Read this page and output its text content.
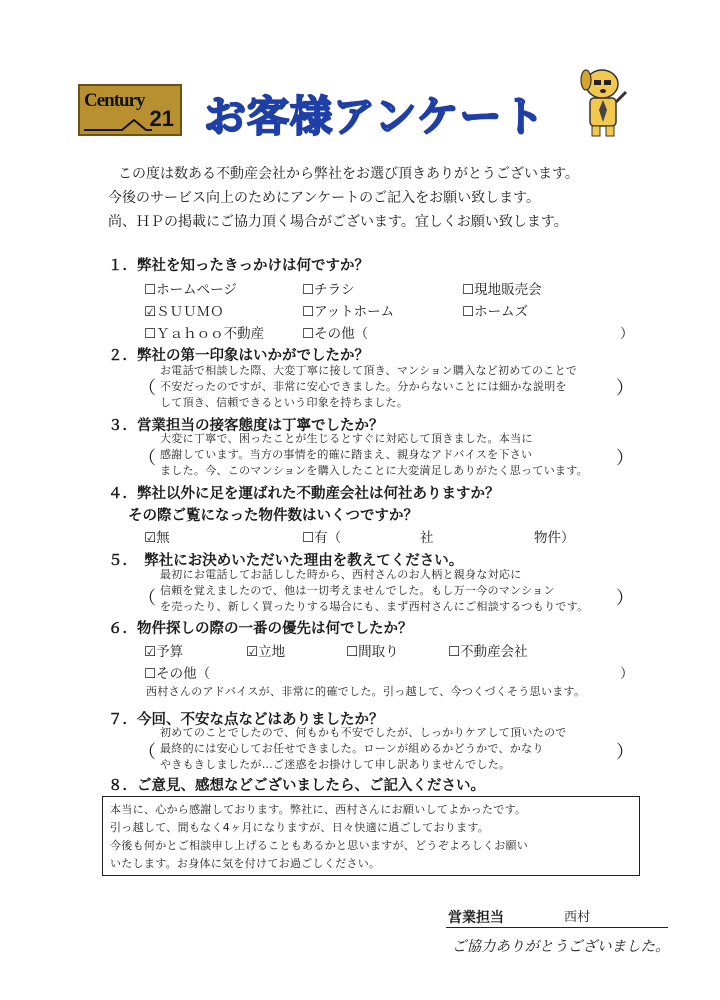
Century
21 お客様アンケート
この度は数ある不動産会社から弊社をお選び頂きありがとうございます。
今後のサービス向上のためにアンケートのご記入をお願い致します。
尚、ＨＰの掲載にご協力頂く場合がございます。宜しくお願い致します。
１．弊社を知ったきっかけは何ですか？
☐ホームページ	☐チラシ	☐現地販売会
☑ＳＵＵＭＯ	☐アットホーム	☐ホームズ
☐Ｙａｈｏｏ不動産	☐その他（	）
２．弊社の第一印象はいかがでしたか？
（	）
お電話で相談した際、大変丁寧に接して頂き、マンション購入など初めてのことで
不安だったのですが、非常に安心できました。分からないことには細かな説明を
して頂き、信頼できるという印象を持ちました。
３．営業担当の接客態度は丁寧でしたか？
（	）
大変に丁寧で、困ったことが生じるとすぐに対応して頂きました。本当に
感謝しています。当方の事情を的確に踏まえ、親身なアドバイスを下さい
ました。今、このマンションを購入したことに大変満足しありがたく思っています。
４．弊社以外に足を運ばれた不動産会社は何社ありますか？
その際ご覧になった物件数はいくつですか？
☑無	☐有（	社	物件）
５．　弊社にお決めいただいた理由を教えてください。
（	）
最初にお電話してお話しした時から、西村さんのお人柄と親身な対応に
信頼を覚えましたので、他は一切考えませんでした。もし万一今のマンション
を売ったり、新しく買ったりする場合にも、まず西村さんにご相談するつもりです。
６．物件探しの際の一番の優先は何でしたか？
☑予算	☑立地	☐間取り	☐不動産会社
☐その他（	）
西村さんのアドバイスが、非常に的確でした。引っ越して、今つくづくそう思います。
７．今回、不安な点などはありましたか？
（	）
初めてのことでしたので、何もかも不安でしたが、しっかりケアして頂いたので
最終的には安心してお任せできました。ローンが組めるかどうかで、かなり
やきもきしましたが…ご迷惑をお掛けして申し訳ありませんでした。
８．ご意見、感想などございましたら、ご記入ください。
本当に、心から感謝しております。弊社に、西村さんにお願いしてよかったです。
引っ越して、間もなく4ヶ月になりますが、日々快適に過ごしております。
今後も何かとご相談申し上げることもあるかと思いますが、どうぞよろしくお願い
いたします。お身体に気を付けてお過ごしください。
営業担当	西村
ご協力ありがとうございました。
